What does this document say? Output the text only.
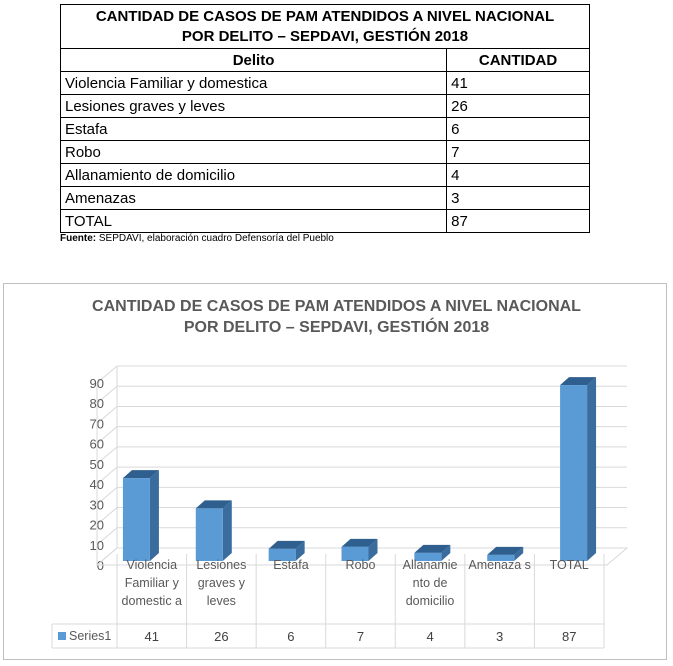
CANTIDAD DE CASOS DE PAM ATENDIDOS A NIVEL NACIONAL
POR DELITO – SEPDAVI, GESTIÓN 2018	

Delito	CANTIDAD
Violencia Familiar y domestica	41
Lesiones graves y leves	26
Estafa	6
Robo	7
Allanamiento de domicilio	4
Amenazas	3
TOTAL	87
Fuente: SEPDAVI, elaboración cuadro Defensoría del Pueblo
CANTIDAD DE CASOS DE PAM ATENDIDOS A NIVEL NACIONAL
POR DELITO – SEPDAVI, GESTIÓN 2018
0
10
20
30
40
50
60
70
80
90
Series1	41	26	6	7	4	3	87
Violencia Familiar y domestic a
Lesiones graves y leves
Estafa	Robo	Allanamie nto de domicilio
Amenaza s	TOTAL
